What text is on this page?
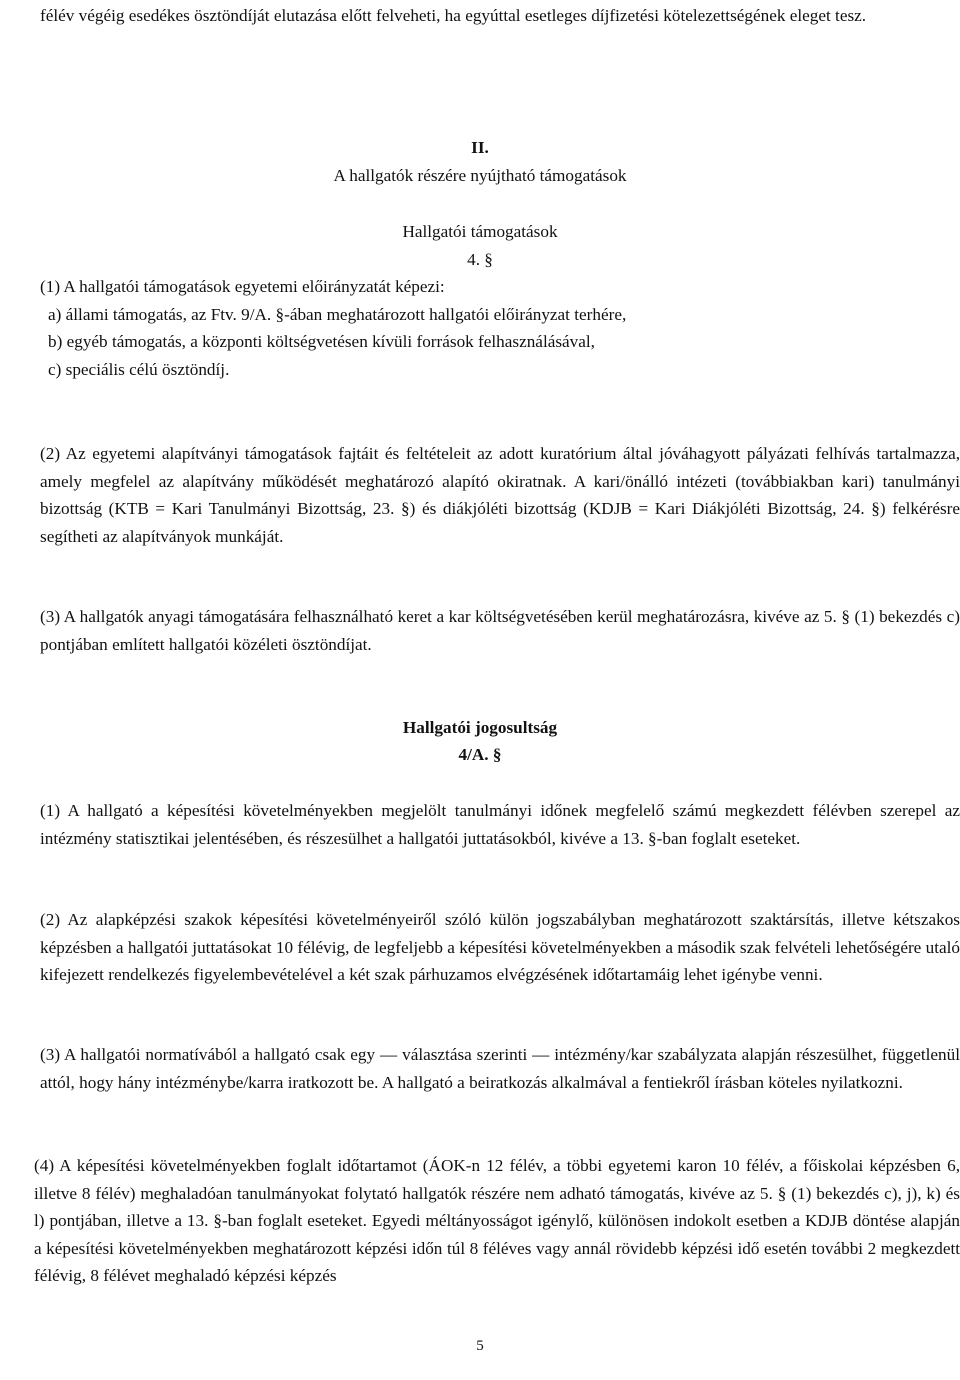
félév végéig esedékes ösztöndíját elutazása előtt felveheti, ha egyúttal esetleges díjfizetési kötelezettségének eleget tesz.

II.
A hallgatók részére nyújtható támogatások
Hallgatói támogatások
4. §
(1) A hallgatói támogatások egyetemi előirányzatát képezi:
a) állami támogatás, az Ftv. 9/A. §-ában meghatározott hallgatói előirányzat terhére,
b) egyéb támogatás, a központi költségvetésen kívüli források felhasználásával,
c) speciális célú ösztöndíj.

(2) Az egyetemi alapítványi támogatások fajtáit és feltételeit az adott kuratórium által jóváhagyott pályázati felhívás tartalmazza, amely megfelel az alapítvány működését meghatározó alapító okiratnak. A kari/önálló intézeti (továbbiakban kari) tanulmányi bizottság (KTB = Kari Tanulmányi Bizottság, 23. §) és diákjóléti bizottság (KDJB = Kari Diákjóléti Bizottság, 24. §) felkérésre segítheti az alapítványok munkáját.

(3) A hallgatók anyagi támogatására felhasználható keret a kar költségvetésében kerül meghatározásra, kivéve az 5. § (1) bekezdés c) pontjában említett hallgatói közéleti ösztöndíjat.

Hallgatói jogosultság
4/A. §

(1) A hallgató a képesítési követelményekben megjelölt tanulmányi időnek megfelelő számú megkezdett félévben szerepel az intézmény statisztikai jelentésében, és részesülhet a hallgatói juttatásokból, kivéve a 13. §-ban foglalt eseteket.

(2) Az alapképzési szakok képesítési követelményeiről szóló külön jogszabályban meghatározott szaktársítás, illetve kétszakos képzésben a hallgatói juttatásokat 10 félévig, de legfeljebb a képesítési követelményekben a második szak felvételi lehetőségére utaló kifejezett rendelkezés figyelembevételével a két szak párhuzamos elvégzésének időtartamáig lehet igénybe venni.

(3) A hallgatói normatívából a hallgató csak egy — választása szerinti — intézmény/kar szabályzata alapján részesülhet, függetlenül attól, hogy hány intézménybe/karra iratkozott be. A hallgató a beiratkozás alkalmával a fentiekről írásban köteles nyilatkozni.

(4) A képesítési követelményekben foglalt időtartamot (ÁOK-n 12 félév, a többi egyetemi karon 10 félév, a főiskolai képzésben 6, illetve 8 félév) meghaladóan tanulmányokat folytató hallgatók részére nem adható támogatás, kivéve az 5. § (1) bekezdés c), j), k) és l) pontjában, illetve a 13. §-ban foglalt eseteket. Egyedi méltányosságot igénylő, különösen indokolt esetben a KDJB döntése alapján a képesítési követelményekben meghatározott képzési időn túl 8 féléves vagy annál rövidebb képzési idő esetén további 2 megkezdett félévig, 8 félévet meghaladó képzési képzés

5
